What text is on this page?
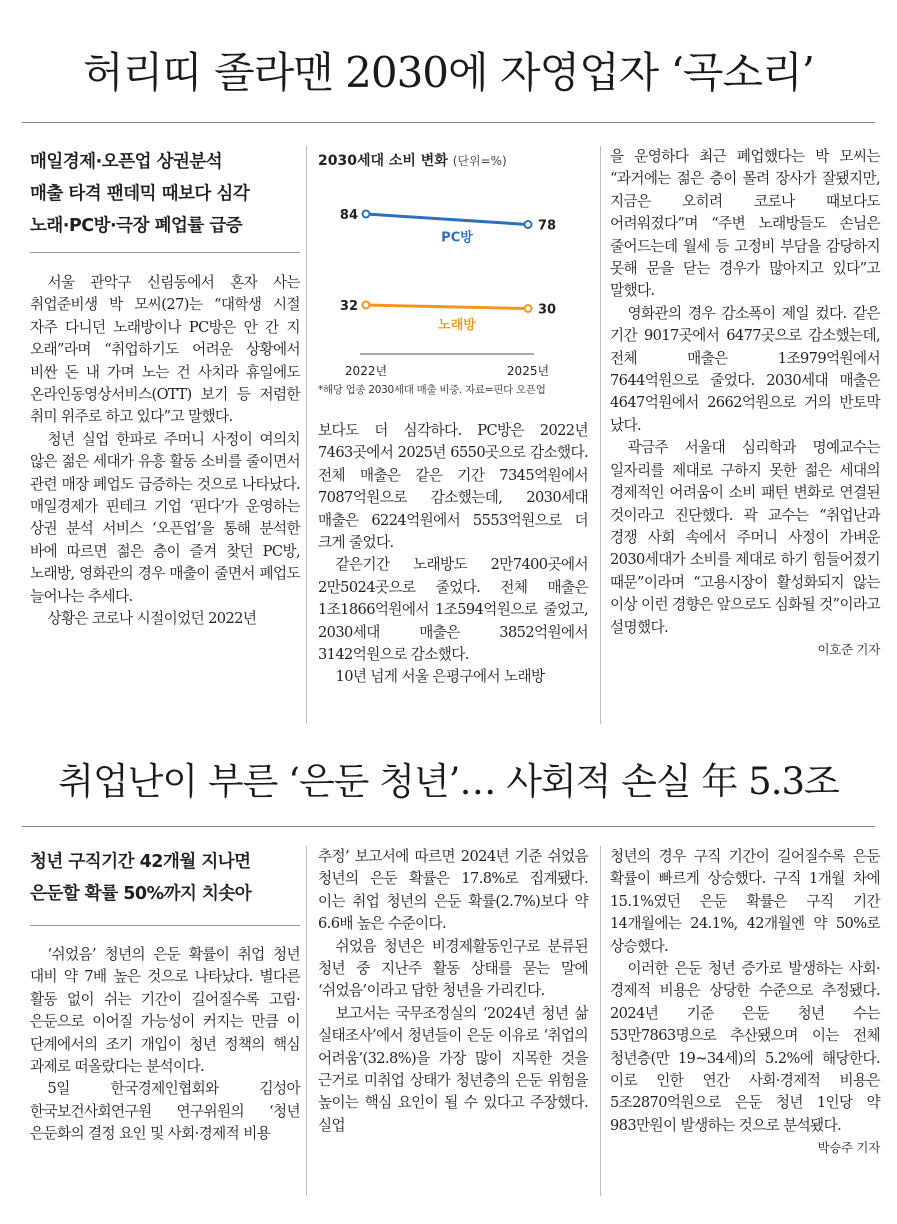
허리띠 졸라맨 2030에 자영업자 ‘곡소리’

매일경제·오픈업 상권분석

매출 타격 팬데믹 때보다 심각

노래·PC방·극장 폐업률 급증

서울 관악구 신림동에서 혼자 사는 취업준비생 박 모씨(27)는 “대학생 시절 자주 다니던 노래방이나 PC방은 안 간 지 오래”라며 “취업하기도 어려운 상황에서 비싼 돈 내 가며 노는 건 사치라 휴일에도 온라인동영상서비스(OTT) 보기 등 저렴한 취미 위주로 하고 있다”고 말했다.

청년 실업 한파로 주머니 사정이 여의치 않은 젊은 세대가 유흥 활동 소비를 줄이면서 관련 매장 폐업도 급증하는 것으로 나타났다. 매일경제가 핀테크 기업 ‘핀다’가 운영하는 상권 분석 서비스 ‘오픈업’을 통해 분석한 바에 따르면 젊은 층이 즐겨 찾던 PC방, 노래방, 영화관의 경우 매출이 줄면서 폐업도 늘어나는 추세다.

상황은 코로나 시절이었던 2022년

2030세대 소비 변화 (단위=%)
2022년	2025년
84
78
PC방
32	30
노래방
*해당 업종 2030세대 매출 비중. 자료=핀다 오픈업

보다도 더 심각하다. PC방은 2022년 7463곳에서 2025년 6550곳으로 감소했다. 전체 매출은 같은 기간 7345억원에서 7087억원으로 감소했는데, 2030세대 매출은 6224억원에서 5553억원으로 더 크게 줄었다.

같은기간 노래방도 2만7400곳에서 2만5024곳으로 줄었다. 전체 매출은 1조1866억원에서 1조594억원으로 줄었고, 2030세대 매출은 3852억원에서 3142억원으로 감소했다.

10년 넘게 서울 은평구에서 노래방

을 운영하다 최근 폐업했다는 박 모씨는 “과거에는 젊은 층이 몰려 장사가 잘됐지만, 지금은 오히려 코로나 때보다도 어려워졌다”며 “주변 노래방들도 손님은 줄어드는데 월세 등 고정비 부담을 감당하지 못해 문을 닫는 경우가 많아지고 있다”고 말했다.

영화관의 경우 감소폭이 제일 컸다. 같은 기간 9017곳에서 6477곳으로 감소했는데, 전체 매출은 1조979억원에서 7644억원으로 줄었다. 2030세대 매출은 4647억원에서 2662억원으로 거의 반토막 났다.

곽금주 서울대 심리학과 명예교수는 일자리를 제대로 구하지 못한 젊은 세대의 경제적인 어려움이 소비 패턴 변화로 연결된 것이라고 진단했다. 곽 교수는 “취업난과 경쟁 사회 속에서 주머니 사정이 가벼운 2030세대가 소비를 제대로 하기 힘들어졌기 때문”이라며 “고용시장이 활성화되지 않는 이상 이런 경향은 앞으로도 심화될 것”이라고 설명했다.

이호준 기자
취업난이 부른 ‘은둔 청년’… 사회적 손실 年 5.3조

청년 구직기간 42개월 지나면

은둔할 확률 50%까지 치솟아

‘쉬었음’ 청년의 은둔 확률이 취업 청년 대비 약 7배 높은 것으로 나타났다. 별다른 활동 없이 쉬는 기간이 길어질수록 고립·은둔으로 이어질 가능성이 커지는 만큼 이 단계에서의 조기 개입이 청년 정책의 핵심 과제로 떠올랐다는 분석이다.

5일 한국경제인협회와 김성아 한국보건사회연구원 연구위원의 ‘청년 은둔화의 결정 요인 및 사회·경제적 비용

추정’ 보고서에 따르면 2024년 기준 쉬었음 청년의 은둔 확률은 17.8%로 집계됐다. 이는 취업 청년의 은둔 확률(2.7%)보다 약 6.6배 높은 수준이다.

쉬었음 청년은 비경제활동인구로 분류된 청년 중 지난주 활동 상태를 묻는 말에 ‘쉬었음’이라고 답한 청년을 가리킨다.

보고서는 국무조정실의 ‘2024년 청년 삶 실태조사’에서 청년들이 은둔 이유로 ‘취업의 어려움’(32.8%)을 가장 많이 지목한 것을 근거로 미취업 상태가 청년층의 은둔 위험을 높이는 핵심 요인이 될 수 있다고 주장했다. 실업

청년의 경우 구직 기간이 길어질수록 은둔 확률이 빠르게 상승했다. 구직 1개월 차에 15.1%였던 은둔 확률은 구직 기간 14개월에는 24.1%, 42개월엔 약 50%로 상승했다.

이러한 은둔 청년 증가로 발생하는 사회·경제적 비용은 상당한 수준으로 추정됐다. 2024년 기준 은둔 청년 수는 53만7863명으로 추산됐으며 이는 전체 청년층(만 19~34세)의 5.2%에 해당한다. 이로 인한 연간 사회·경제적 비용은 5조2870억원으로 은둔 청년 1인당 약 983만원이 발생하는 것으로 분석됐다.

박승주 기자
